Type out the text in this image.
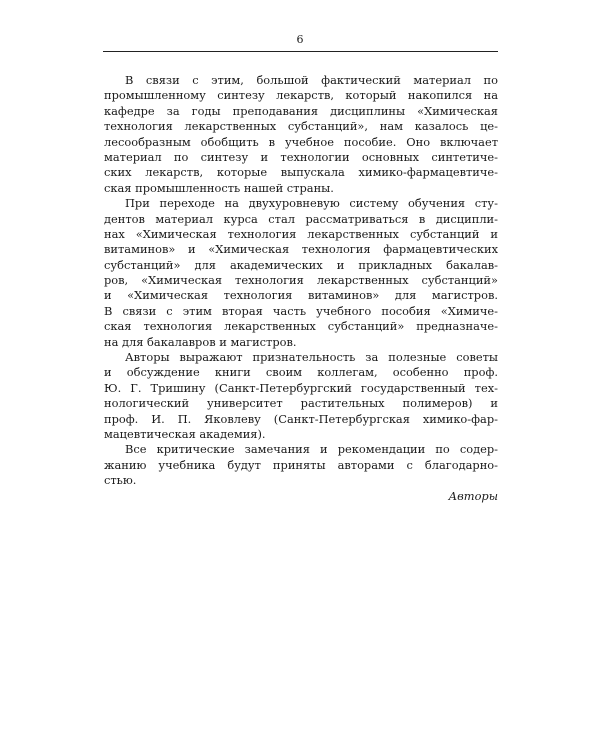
6
В связи с этим, большой фактический материал по
промышленному синтезу лекарств, который накопился на
кафедре за годы преподавания дисциплины «Химическая
технология лекарственных субстанций», нам казалось це-
лесообразным обобщить в учебное пособие. Оно включает
материал по синтезу и технологии основных синтетиче-
ских лекарств, которые выпускала химико-фармацевтиче-
ская промышленность нашей страны.
При переходе на двухуровневую систему обучения сту-
дентов материал курса стал рассматриваться в дисципли-
нах «Химическая технология лекарственных субстанций и
витаминов» и «Химическая технология фармацевтических
субстанций» для академических и прикладных бакалав-
ров, «Химическая технология лекарственных субстанций»
и «Химическая технология витаминов» для магистров.
В связи с этим вторая часть учебного пособия «Химиче-
ская технология лекарственных субстанций» предназначе-
на для бакалавров и магистров.
Авторы выражают признательность за полезные советы
и обсуждение книги своим коллегам, особенно проф.
Ю. Г. Тришину (Санкт-Петербургский государственный тех-
нологический университет растительных полимеров) и
проф. И. П. Яковлеву (Санкт-Петербургская химико-фар-
мацевтическая академия).
Все критические замечания и рекомендации по содер-
жанию учебника будут приняты авторами с благодарно-
стью.
Авторы
